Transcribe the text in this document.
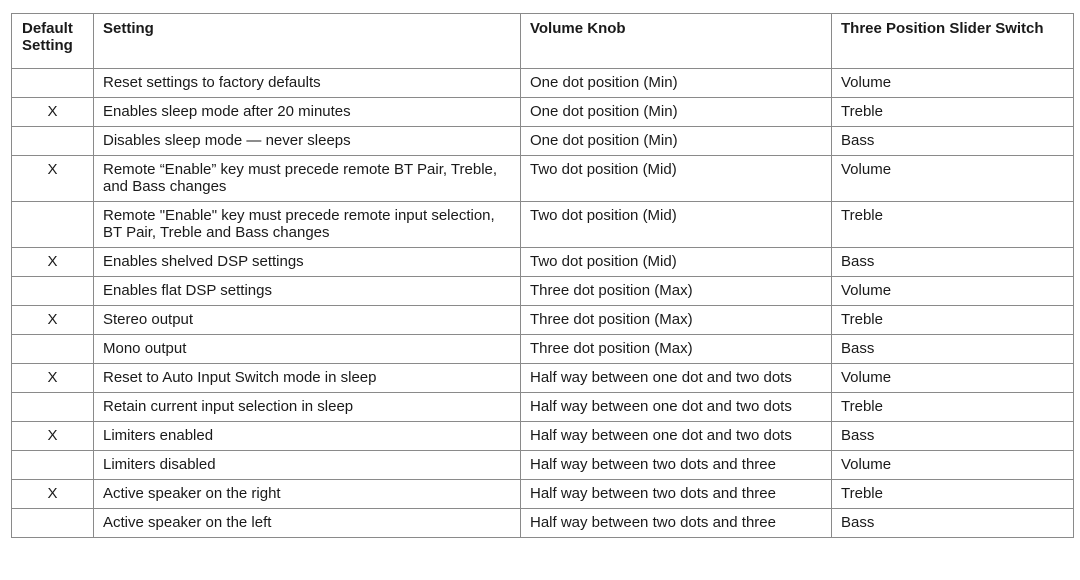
Default Setting	Setting	Volume Knob	Three Position Slider Switch
	Reset settings to factory defaults	One dot position (Min)	Volume
X	Enables sleep mode after 20 minutes	One dot position (Min)	Treble
	Disables sleep mode — never sleeps	One dot position (Min)	Bass
X	Remote “Enable” key must precede remote BT Pair, Treble, and Bass changes	Two dot position (Mid)	Volume
	Remote "Enable" key must precede remote input selection, BT Pair, Treble and Bass changes	Two dot position (Mid)	Treble
X	Enables shelved DSP settings	Two dot position (Mid)	Bass
	Enables flat DSP settings	Three dot position (Max)	Volume
X	Stereo output	Three dot position (Max)	Treble
	Mono output	Three dot position (Max)	Bass
X	Reset to Auto Input Switch mode in sleep	Half way between one dot and two dots	Volume
	Retain current input selection in sleep	Half way between one dot and two dots	Treble
X	Limiters enabled	Half way between one dot and two dots	Bass
	Limiters disabled	Half way between two dots and three	Volume
X	Active speaker on the right	Half way between two dots and three	Treble
	Active speaker on the left	Half way between two dots and three	Bass
